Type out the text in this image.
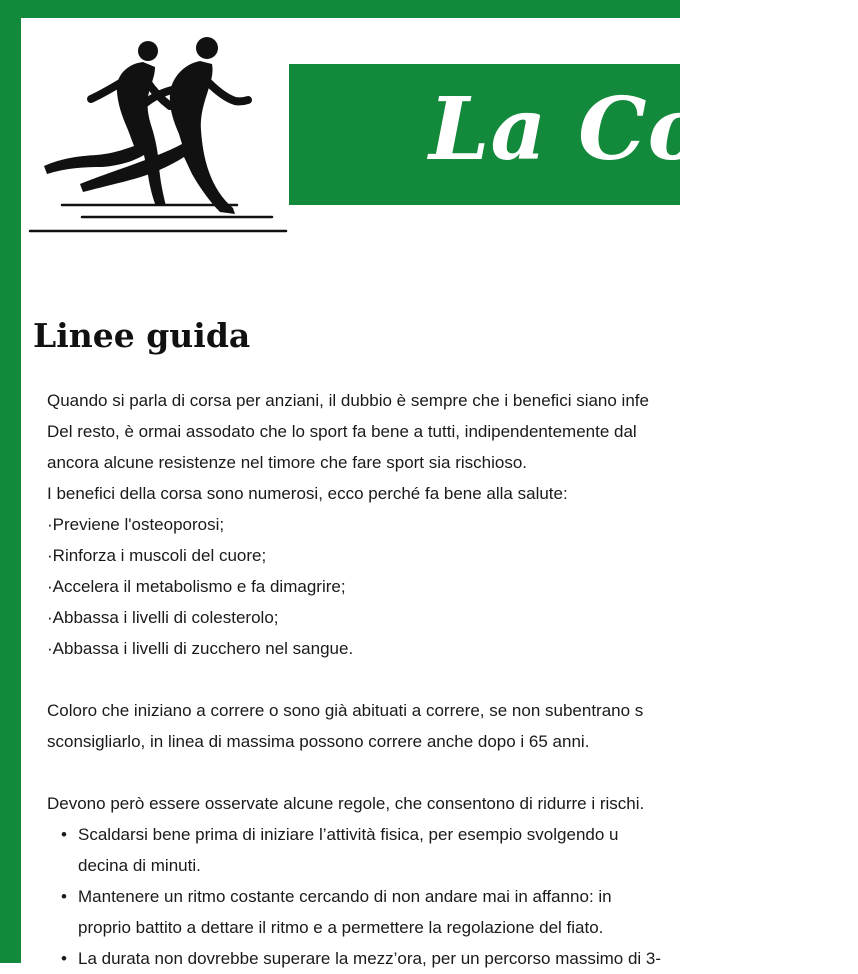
La Corsa
Linee guida
Quando si parla di corsa per anziani, il dubbio è sempre che i benefici siano infe
Del resto, è ormai assodato che lo sport fa bene a tutti, indipendentemente dal
ancora alcune resistenze nel timore che fare sport sia rischioso.
I benefici della corsa sono numerosi, ecco perché fa bene alla salute:
·Previene l'osteoporosi;
·Rinforza i muscoli del cuore;
·Accelera il metabolismo e fa dimagrire;
·Abbassa i livelli di colesterolo;
·Abbassa i livelli di zucchero nel sangue.
Coloro che iniziano a correre o sono già abituati a correre, se non subentrano s
sconsigliarlo, in linea di massima possono correre anche dopo i 65 anni.
Devono però essere osservate alcune regole, che consentono di ridurre i rischi.
• Scaldarsi bene prima di iniziare l’attività fisica, per esempio svolgendo u
decina di minuti.
• Mantenere un ritmo costante cercando di non andare mai in affanno: in
proprio battito a dettare il ritmo e a permettere la regolazione del fiato.
• La durata non dovrebbe superare la mezz’ora, per un percorso massimo di 3-
